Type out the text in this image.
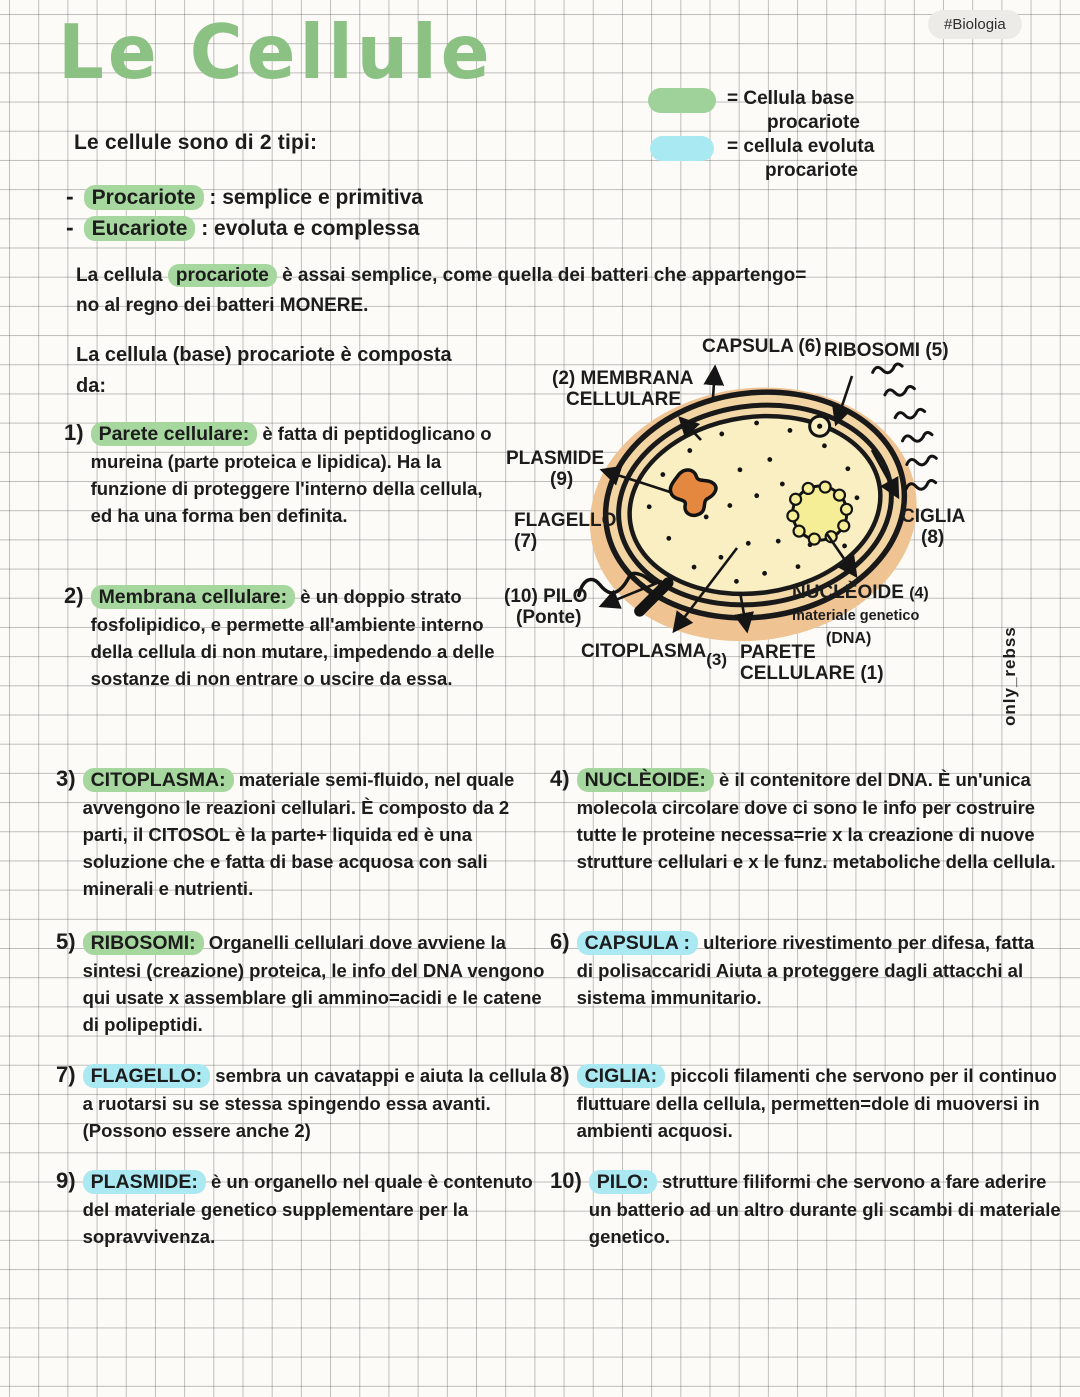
Le Cellule	#Biologia
= Cellula base
procariote
= cellula evoluta
procariote
Le cellule sono di 2 tipi:
- Procariote : semplice e primitiva
- Eucariote : evoluta e complessa
La cellula procariote è assai semplice, come quella dei batteri che appartengo=
no al regno dei batteri MONERE.
La cellula (base) procariote è composta da:
1) Parete cellulare: è fatta di peptidoglicano o mureina (parte proteica e lipidica). Ha la funzione di proteggere l'interno della cellula, ed ha una forma ben definita.
2) Membrana cellulare: è un doppio strato fosfolipidico, e permette all'ambiente interno della cellula di non mutare, impedendo a delle sostanze di non entrare o uscire da essa.
3) CITOPLASMA: materiale semi-fluido, nel quale avvengono le reazioni cellulari. È composto da 2 parti, il CITOSOL è la parte+ liquida ed è una soluzione che e fatta di base acquosa con sali minerali e nutrienti.
4) NUCLÈOIDE: è il contenitore del DNA. È un'unica molecola circolare dove ci sono le info per costruire tutte le proteine necessa=rie x la creazione di nuove strutture cellulari e x le funz. metaboliche della cellula.
5) RIBOSOMI: Organelli cellulari dove avviene la sintesi (creazione) proteica, le info del DNA vengono qui usate x assemblare gli ammino=acidi e le catene di polipeptidi.
6) CAPSULA : ulteriore rivestimento per difesa, fatta di polisaccaridi Aiuta a proteggere dagli attacchi al sistema immunitario.
7) FLAGELLO: sembra un cavatappi e aiuta la cellula a ruotarsi su se stessa spingendo essa avanti. (Possono essere anche 2)
8) CIGLIA: piccoli filamenti che servono per il continuo fluttuare della cellula, permetten=dole di muoversi in ambienti acquosi.
9) PLASMIDE: è un organello nel quale è contenuto del materiale genetico supplementare per la sopravvivenza.
10) PILO: strutture filiformi che servono a fare aderire un batterio ad un altro durante gli scambi di materiale genetico.
CAPSULA (6) RIBOSOMI (5)
(2) MEMBRANA
CELLULARE
PLASMIDE
(9)
FLAGELLO
(7)
(10) PILO
(Ponte)
CITOPLASMA(3) PARETE
CELLULARE (1)
NUCLÈOIDE (4)
materiale genetico
(DNA)
CIGLIA
(8)
only_rebss
